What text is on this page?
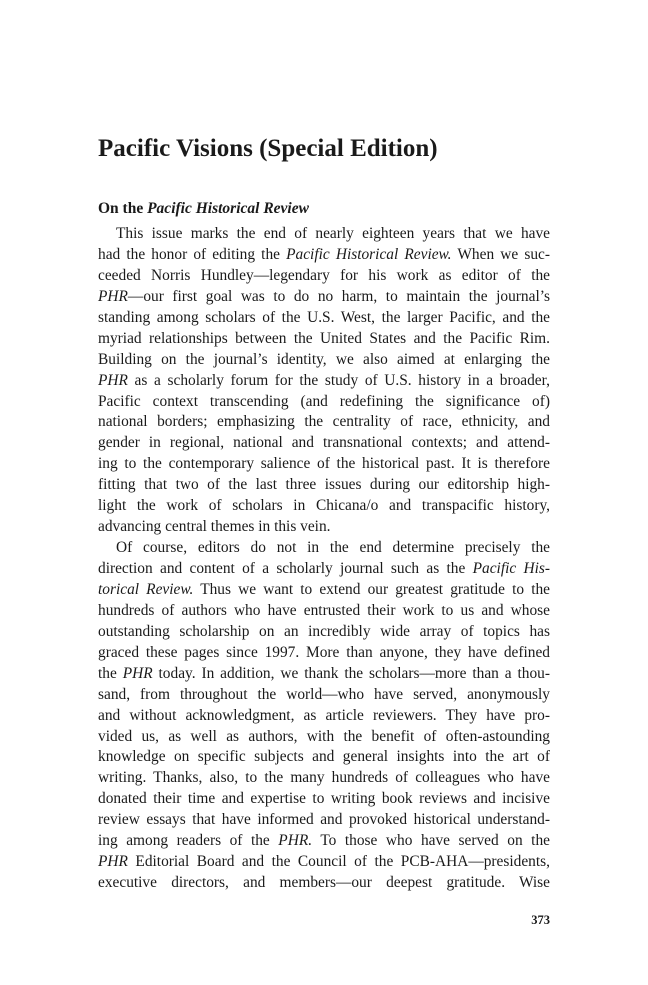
Pacific Visions (Special Edition)
On the Pacific Historical Review
This issue marks the end of nearly eighteen years that we have
had the honor of editing the Pacific Historical Review. When we suc-
ceeded Norris Hundley—legendary for his work as editor of the
PHR—our first goal was to do no harm, to maintain the journal’s
standing among scholars of the U.S. West, the larger Pacific, and the
myriad relationships between the United States and the Pacific Rim.
Building on the journal’s identity, we also aimed at enlarging the
PHR as a scholarly forum for the study of U.S. history in a broader,
Pacific context transcending (and redefining the significance of)
national borders; emphasizing the centrality of race, ethnicity, and
gender in regional, national and transnational contexts; and attend-
ing to the contemporary salience of the historical past. It is therefore
fitting that two of the last three issues during our editorship high-
light the work of scholars in Chicana/o and transpacific history,
advancing central themes in this vein.
Of course, editors do not in the end determine precisely the
direction and content of a scholarly journal such as the Pacific His-
torical Review. Thus we want to extend our greatest gratitude to the
hundreds of authors who have entrusted their work to us and whose
outstanding scholarship on an incredibly wide array of topics has
graced these pages since 1997. More than anyone, they have defined
the PHR today. In addition, we thank the scholars—more than a thou-
sand, from throughout the world—who have served, anonymously
and without acknowledgment, as article reviewers. They have pro-
vided us, as well as authors, with the benefit of often-astounding
knowledge on specific subjects and general insights into the art of
writing. Thanks, also, to the many hundreds of colleagues who have
donated their time and expertise to writing book reviews and incisive
review essays that have informed and provoked historical understand-
ing among readers of the PHR. To those who have served on the
PHR Editorial Board and the Council of the PCB-AHA—presidents,
executive directors, and members—our deepest gratitude. Wise

373
